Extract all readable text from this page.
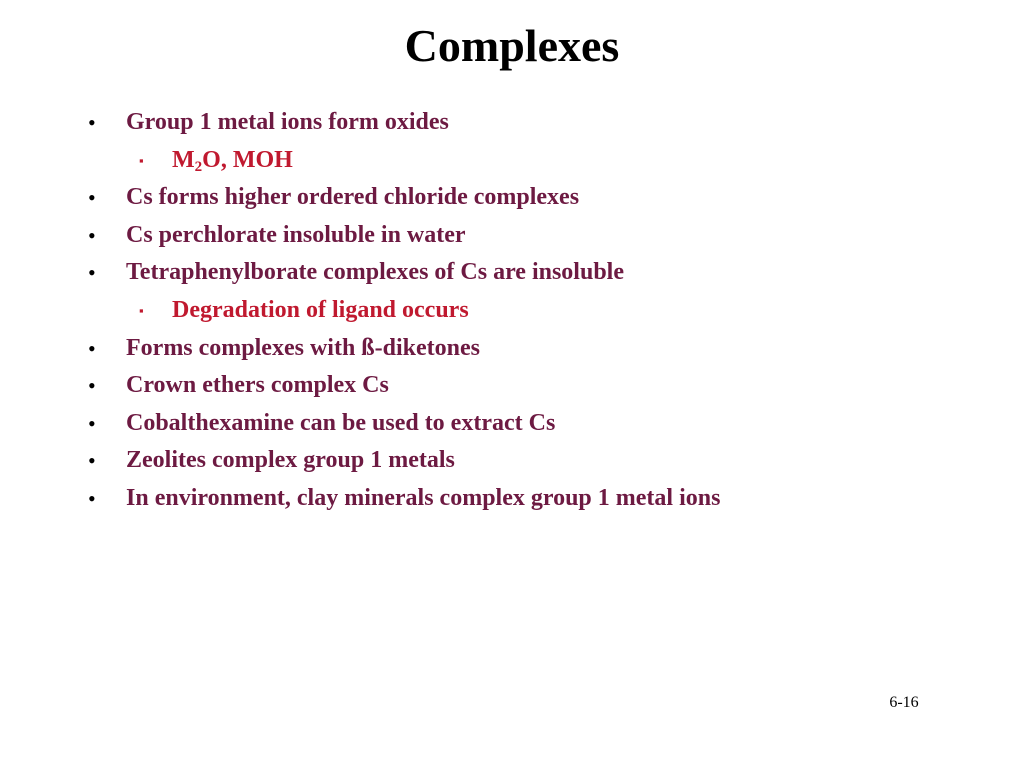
Complexes
• Group 1 metal ions form oxides
▪ $M_2O$, MOH
• Cs forms higher ordered chloride complexes
• Cs perchlorate insoluble in water
• Tetraphenylborate complexes of Cs are insoluble
▪ Degradation of ligand occurs
• Forms complexes with ß-diketones
• Crown ethers complex Cs
• Cobalthexamine can be used to extract Cs
• Zeolites complex group 1 metals
• In environment, clay minerals complex group 1 metal ions
6-16
